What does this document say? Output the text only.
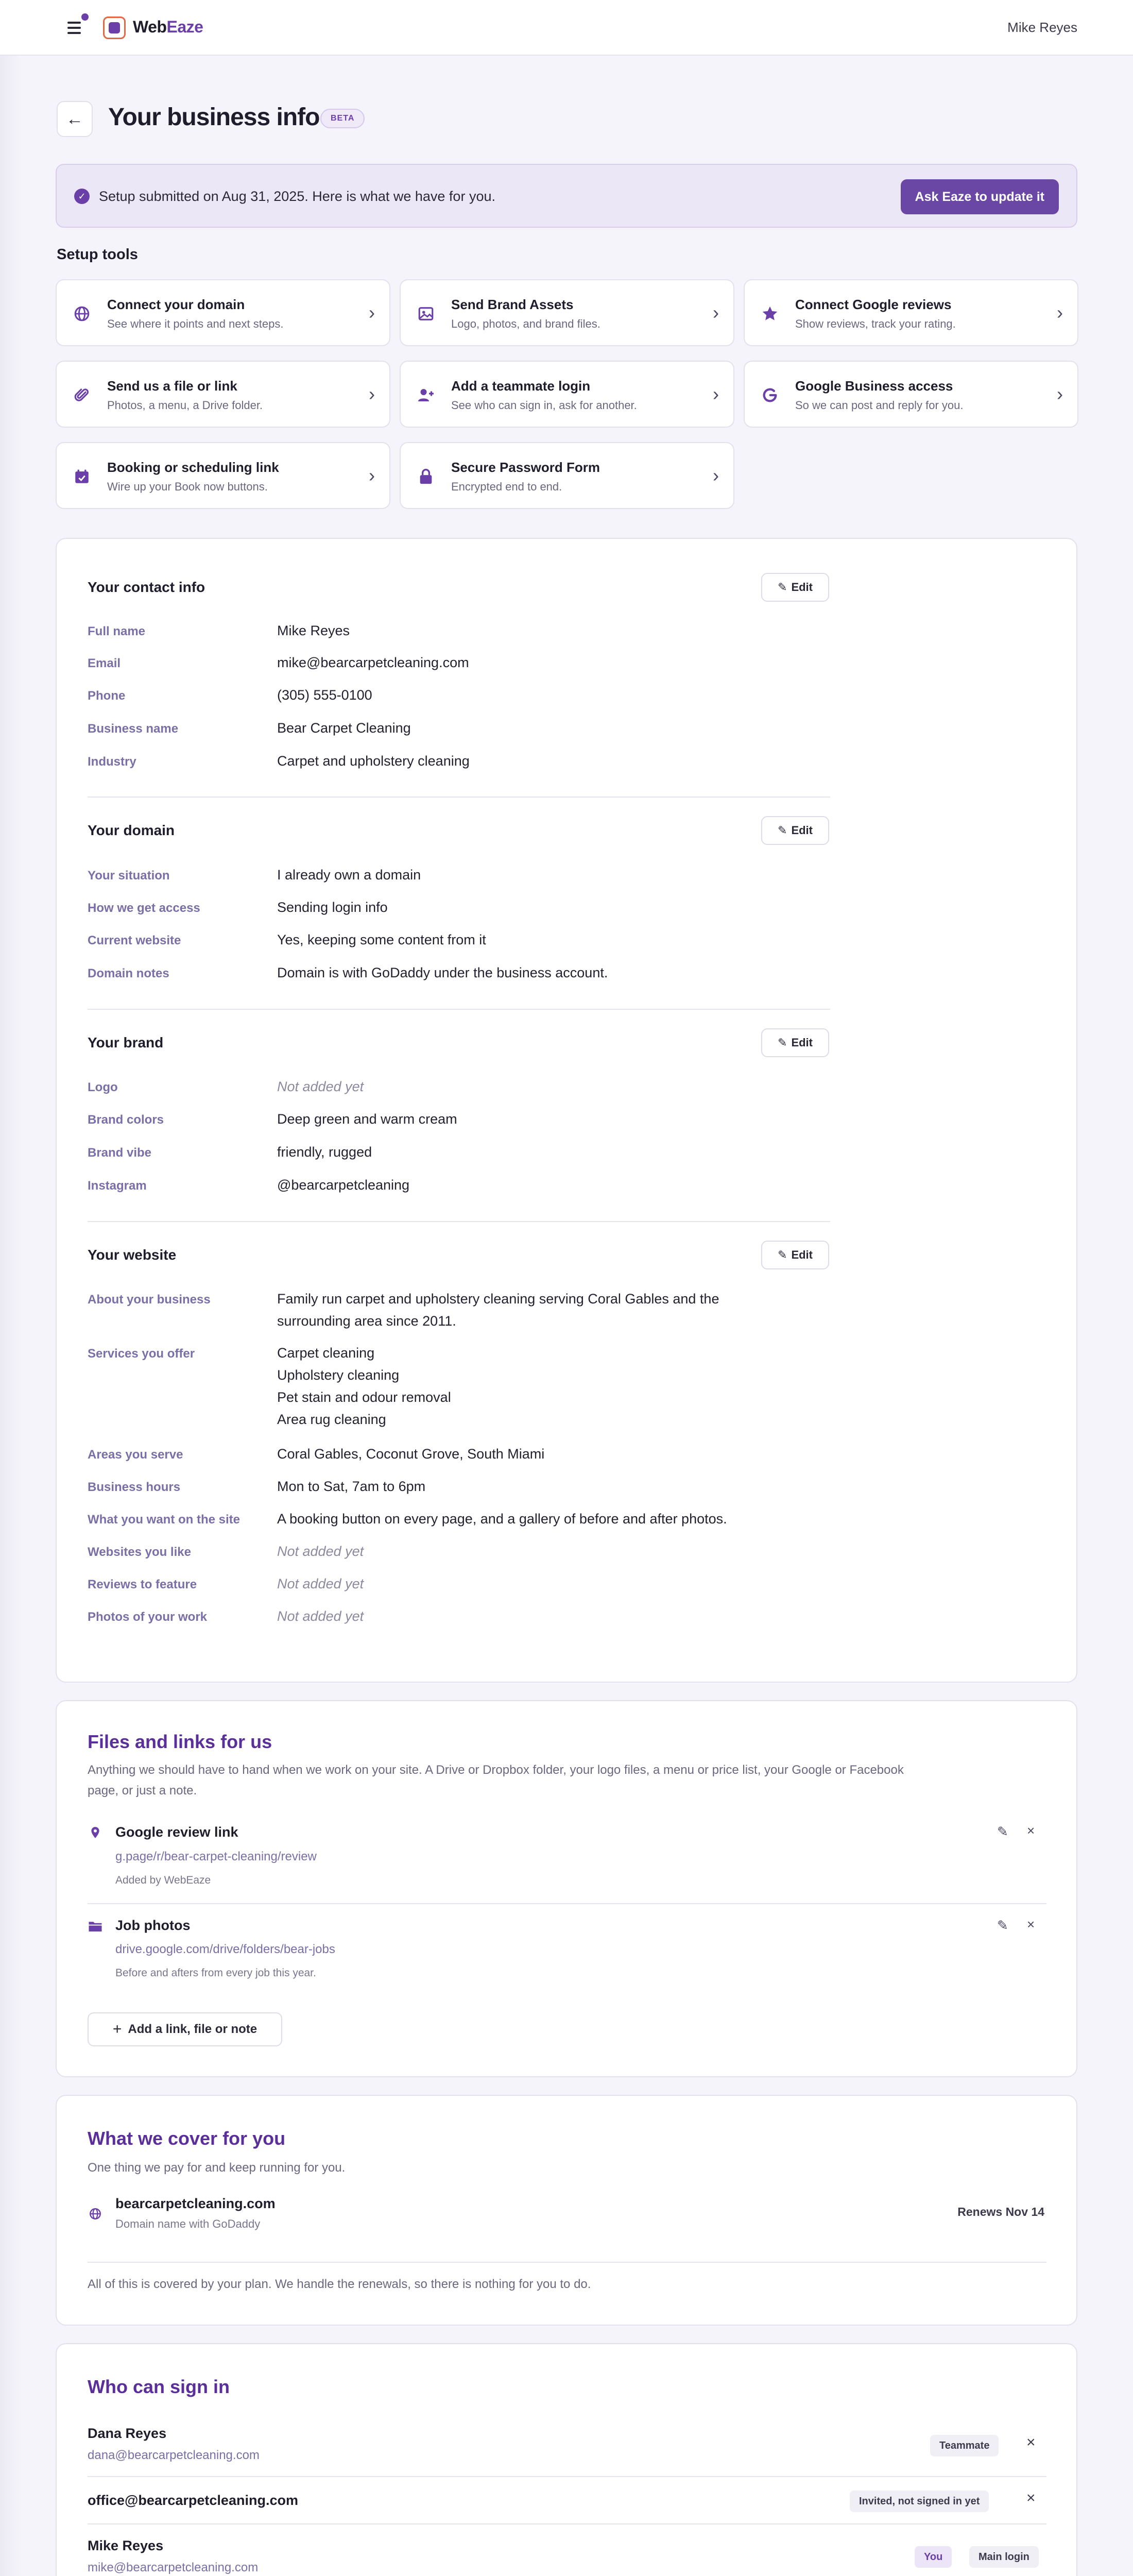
WebEaze	Mike Reyes
← Your business info	BETA
✓ Setup submitted on Aug 31, 2025. Here is what we have for you.	Ask Eaze to update it
Setup tools
Connect your domain
See where it points and next steps.
›	Send Brand Assets
Logo, photos, and brand files.
›	Connect Google reviews
Show reviews, track your rating.
›
Send us a file or link
Photos, a menu, a Drive folder.
›	Add a teammate login
See who can sign in, ask for another.
›	Google Business access
So we can post and reply for you.
›
Booking or scheduling link
Wire up your Book now buttons.
›	Secure Password Form
Encrypted end to end.
›
Your contact info	✎ Edit
Full name	Mike Reyes
Email	mike@bearcarpetcleaning.com
Phone	(305) 555-0100
Business name	Bear Carpet Cleaning
Industry	Carpet and upholstery cleaning
Your domain	✎ Edit
Your situation	I already own a domain
How we get access	Sending login info
Current website	Yes, keeping some content from it
Domain notes	Domain is with GoDaddy under the business account.
Your brand	✎ Edit
Logo	Not added yet
Brand colors	Deep green and warm cream
Brand vibe	friendly, rugged
Instagram	@bearcarpetcleaning
Your website	✎ Edit
About your business	Family run carpet and upholstery cleaning serving Coral Gables and the
surrounding area since 2011.
Services you offer	Carpet cleaning
Upholstery cleaning
Pet stain and odour removal
Area rug cleaning
Areas you serve	Coral Gables, Coconut Grove, South Miami
Business hours	Mon to Sat, 7am to 6pm
What you want on the site	A booking button on every page, and a gallery of before and after photos.
Websites you like	Not added yet
Reviews to feature	Not added yet
Photos of your work	Not added yet
Files and links for us
Anything we should have to hand when we work on your site. A Drive or Dropbox folder, your logo files, a menu or price list, your Google or Facebook
page, or just a note.
Google review link
g.page/r/bear-carpet-cleaning/review
Added by WebEaze
✎ ×
Job photos
drive.google.com/drive/folders/bear-jobs
Before and afters from every job this year.
✎ ×
+ Add a link, file or note
What we cover for you
One thing we pay for and keep running for you.
bearcarpetcleaning.com
Domain name with GoDaddy
Renews Nov 14
All of this is covered by your plan. We handle the renewals, so there is nothing for you to do.
Who can sign in
Dana Reyes
dana@bearcarpetcleaning.com
Teammate	×
office@bearcarpetcleaning.com	Invited, not signed in yet	×
Mike Reyes
mike@bearcarpetcleaning.com
You	Main login
